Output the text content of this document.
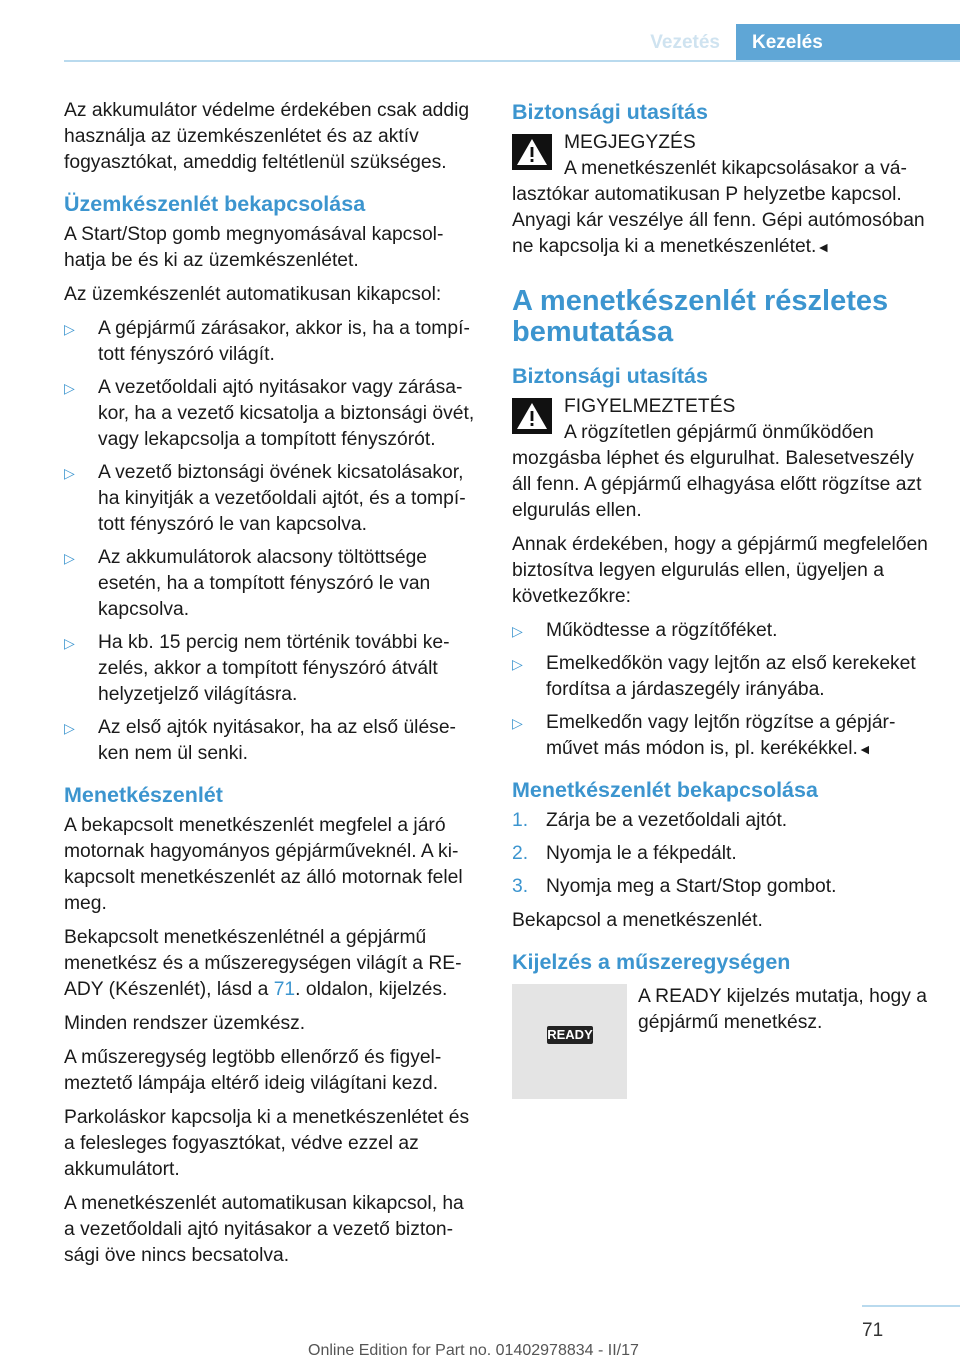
Vezetés	Kezelés

Az akkumulátor védelme érdekében csak addig használja az üzemkészenlétet és az aktív fogyasztókat, ameddig feltétlenül szükséges.

Üzemkészenlét bekapcsolása

A Start/Stop gomb megnyomásával kapcsolhatja be és ki az üzemkészenlétet.

Az üzemkészenlét automatikusan kikapcsol:

▷ A gépjármű zárásakor, akkor is, ha a tompított fényszóró világít.
▷ A vezetőoldali ajtó nyitásakor vagy zárásakor, ha a vezető kicsatolja a biztonsági övét, vagy lekapcsolja a tompított fényszórót.
▷ A vezető biztonsági övének kicsatolásakor, ha kinyitják a vezetőoldali ajtót, és a tompított fényszóró le van kapcsolva.
▷ Az akkumulátorok alacsony töltöttsége esetén, ha a tompított fényszóró le van kapcsolva.
▷ Ha kb. 15 percig nem történik további kezelés, akkor a tompított fényszóró átvált helyzetjelző világításra.
▷ Az első ajtók nyitásakor, ha az első üléseken nem ül senki.
Menetkészenlét

A bekapcsolt menetkészenlét megfelel a járó motornak hagyományos gépjárműveknél. A kikapcsolt menetkészenlét az álló motornak felel meg.

Bekapcsolt menetkészenlétnél a gépjármű menetkész és a műszeregységen világít a READY (Készenlét), lásd a 71. oldalon, kijelzés.

Minden rendszer üzemkész.

A műszeregység legtöbb ellenőrző és figyelmeztető lámpája eltérő ideig világítani kezd.

Parkoláskor kapcsolja ki a menetkészenlétet és a felesleges fogyasztókat, védve ezzel az akkumulátort.

A menetkészenlét automatikusan kikapcsol, ha a vezetőoldali ajtó nyitásakor a vezető biztonsági öve nincs becsatolva.

Biztonsági utasítás
MEGJEGYZÉS

A menetkészenlét kikapcsolásakor a választókar automatikusan P helyzetbe kapcsol. Anyagi kár veszélye áll fenn. Gépi autómosóban ne kapcsolja ki a menetkészenlétet.◄

A menetkészenlét részletes bemutatása
Biztonsági utasítás
FIGYELMEZTETÉS

A rögzítetlen gépjármű önműködően mozgásba léphet és elgurulhat. Balesetveszély áll fenn. A gépjármű elhagyása előtt rögzítse azt elgurulás ellen.

Annak érdekében, hogy a gépjármű megfelelően biztosítva legyen elgurulás ellen, ügyeljen a következőkre:

▷ Működtesse a rögzítőféket.
▷ Emelkedőkön vagy lejtőn az első kerekeket fordítsa a járdaszegély irányába.
▷ Emelkedőn vagy lejtőn rögzítse a gépjárművet más módon is, pl. kerékékkel.◄
Menetkészenlét bekapcsolása
1. Zárja be a vezetőoldali ajtót.
2. Nyomja le a fékpedált.
3. Nyomja meg a Start/Stop gombot.

Bekapcsol a menetkészenlét.

Kijelzés a műszeregységen
READY
A READY kijelzés mutatja, hogy a gépjármű menetkész.
71
Online Edition for Part no. 01402978834 - II/17
